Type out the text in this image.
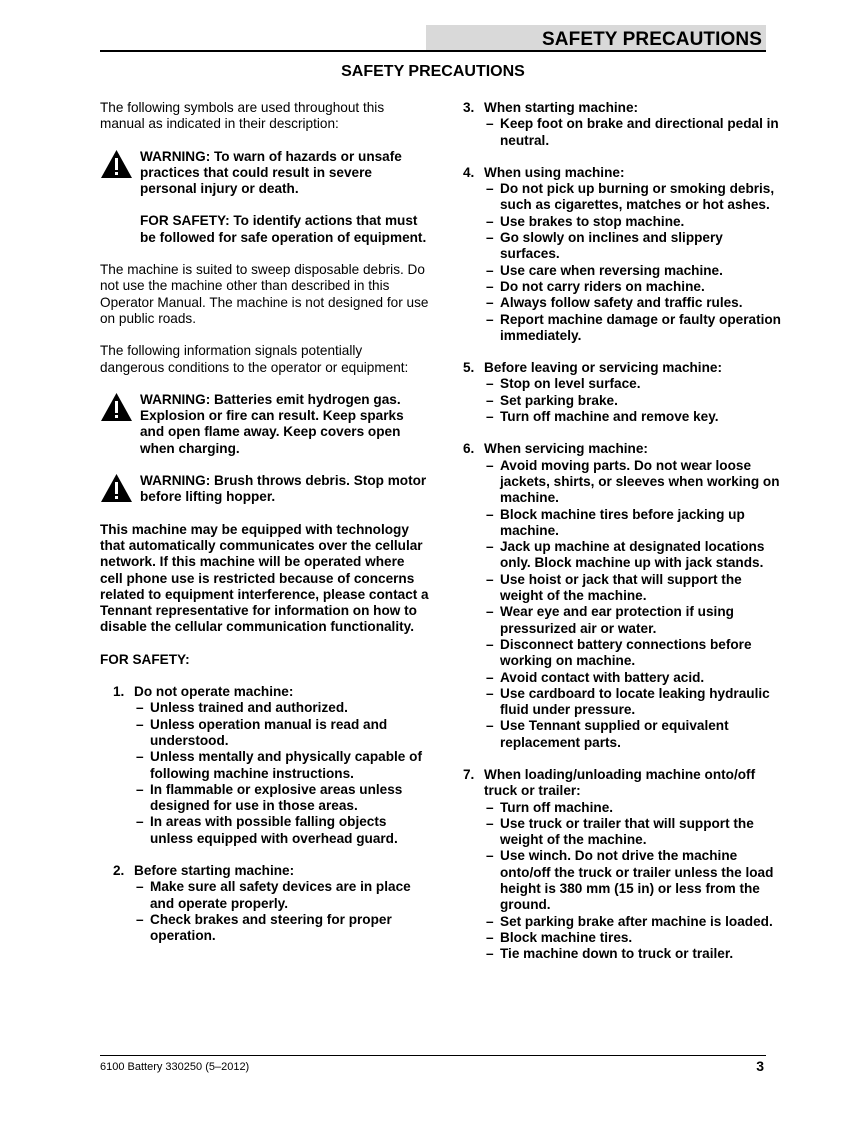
SAFETY PRECAUTIONS
SAFETY PRECAUTIONS

The following symbols are used throughout this manual as indicated in their description:

WARNING: To warn of hazards or unsafe practices that could result in severe personal injury or death.

FOR SAFETY: To identify actions that must be followed for safe operation of equipment.

The machine is suited to sweep disposable debris. Do not use the machine other than described in this Operator Manual. The machine is not designed for use on public roads.

The following information signals potentially dangerous conditions to the operator or equipment:

WARNING: Batteries emit hydrogen gas. Explosion or fire can result. Keep sparks and open flame away. Keep covers open when charging.

WARNING: Brush throws debris. Stop motor before lifting hopper.

This machine may be equipped with technology that automatically communicates over the cellular network. If this machine will be operated where cell phone use is restricted because of concerns related to equipment interference, please contact a Tennant representative for information on how to disable the cellular communication functionality.

FOR SAFETY:

1. Do not operate machine:
– Unless trained and authorized.
– Unless operation manual is read and understood.
– Unless mentally and physically capable of following machine instructions.
– In flammable or explosive areas unless designed for use in those areas.
– In areas with possible falling objects unless equipped with overhead guard.
2. Before starting machine:
– Make sure all safety devices are in place and operate properly.
– Check brakes and steering for proper operation.
3. When starting machine:
– Keep foot on brake and directional pedal in neutral.
4. When using machine:
– Do not pick up burning or smoking debris, such as cigarettes, matches or hot ashes.
– Use brakes to stop machine.
– Go slowly on inclines and slippery surfaces.
– Use care when reversing machine.
– Do not carry riders on machine.
– Always follow safety and traffic rules.
– Report machine damage or faulty operation immediately.
5. Before leaving or servicing machine:
– Stop on level surface.
– Set parking brake.
– Turn off machine and remove key.
6. When servicing machine:
– Avoid moving parts. Do not wear loose jackets, shirts, or sleeves when working on machine.
– Block machine tires before jacking up machine.
– Jack up machine at designated locations only. Block machine up with jack stands.
– Use hoist or jack that will support the weight of the machine.
– Wear eye and ear protection if using pressurized air or water.
– Disconnect battery connections before working on machine.
– Avoid contact with battery acid.
– Use cardboard to locate leaking hydraulic fluid under pressure.
– Use Tennant supplied or equivalent replacement parts.
7. When loading/unloading machine onto/off truck or trailer:
– Turn off machine.
– Use truck or trailer that will support the weight of the machine.
– Use winch. Do not drive the machine onto/off the truck or trailer unless the load height is 380 mm (15 in) or less from the ground.
– Set parking brake after machine is loaded.
– Block machine tires.
– Tie machine down to truck or trailer.
6100 Battery 330250 (5–2012)	3
